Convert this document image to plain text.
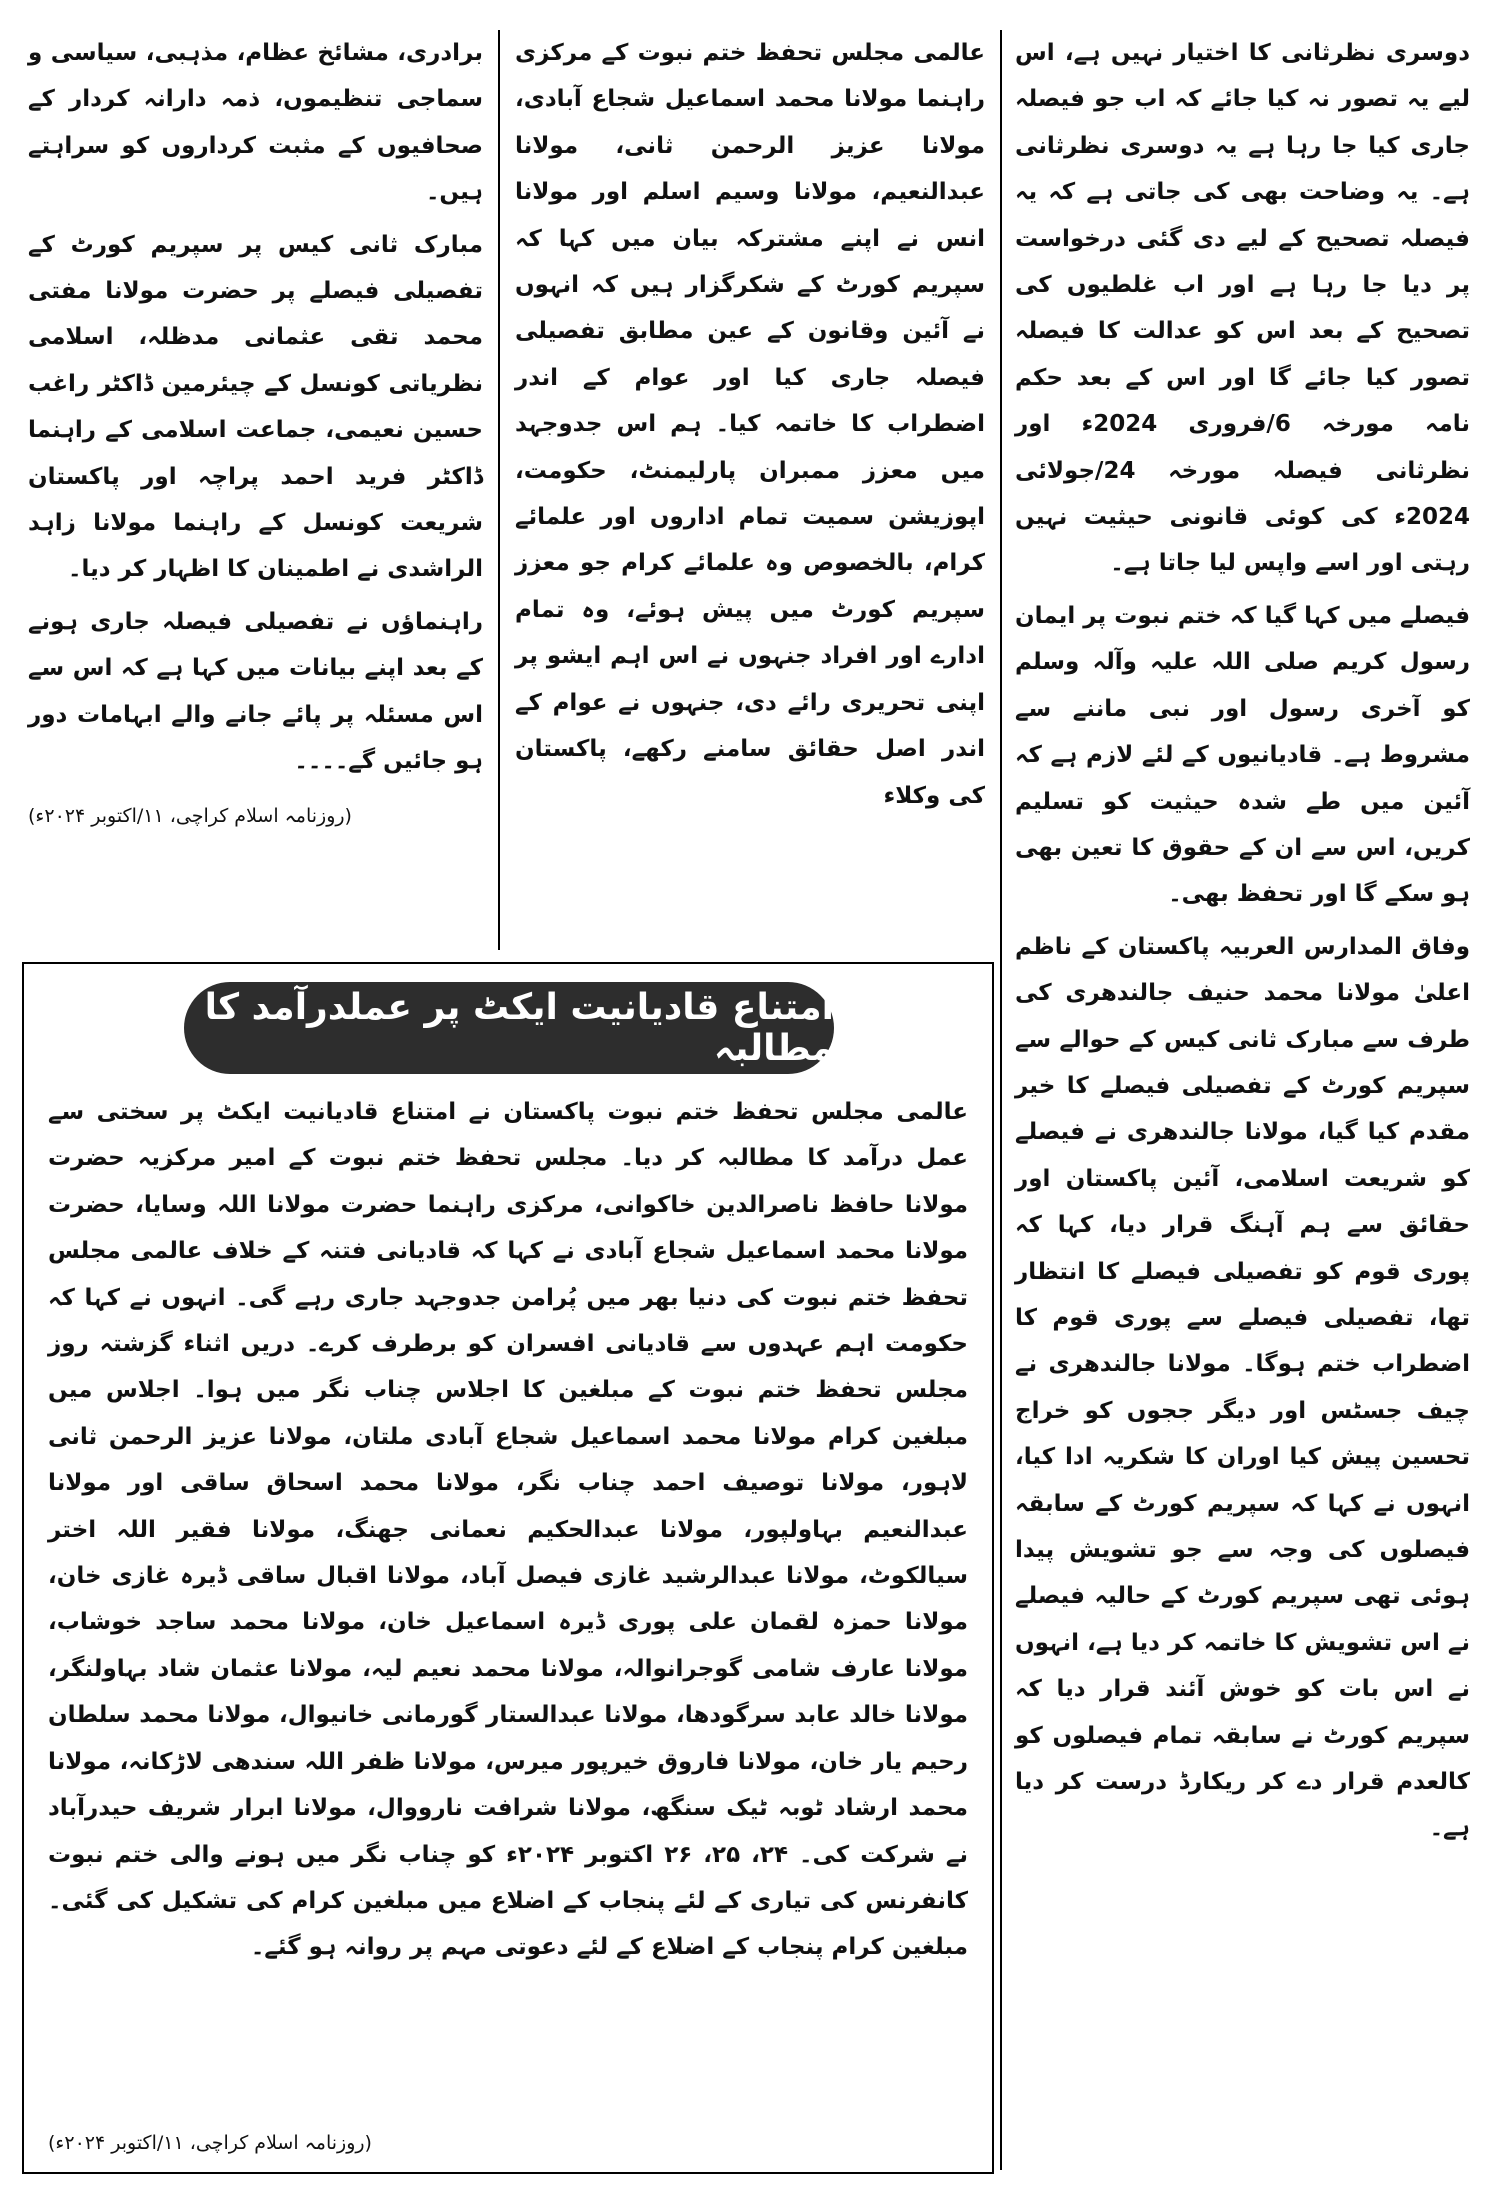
دوسری نظرثانی کا اختیار نہیں ہے، اس لیے یہ تصور نہ کیا جائے کہ اب جو فیصلہ جاری کیا جا رہا ہے یہ دوسری نظرثانی ہے۔ یہ وضاحت بھی کی جاتی ہے کہ یہ فیصلہ تصحیح کے لیے دی گئی درخواست پر دیا جا رہا ہے اور اب غلطیوں کی تصحیح کے بعد اس کو عدالت کا فیصلہ تصور کیا جائے گا اور اس کے بعد حکم نامہ مورخہ 6/فروری 2024ء اور نظرثانی فیصلہ مورخہ 24/جولائی 2024ء کی کوئی قانونی حیثیت نہیں رہتی اور اسے واپس لیا جاتا ہے۔

فیصلے میں کہا گیا کہ ختم نبوت پر ایمان رسول کریم صلی اللہ علیہ وآلہ وسلم کو آخری رسول اور نبی ماننے سے مشروط ہے۔ قادیانیوں کے لئے لازم ہے کہ آئین میں طے شدہ حیثیت کو تسلیم کریں، اس سے ان کے حقوق کا تعین بھی ہو سکے گا اور تحفظ بھی۔

وفاق المدارس العربیہ پاکستان کے ناظم اعلیٰ مولانا محمد حنیف جالندھری کی طرف سے مبارک ثانی کیس کے حوالے سے سپریم کورٹ کے تفصیلی فیصلے کا خیر مقدم کیا گیا، مولانا جالندھری نے فیصلے کو شریعت اسلامی، آئین پاکستان اور حقائق سے ہم آہنگ قرار دیا، کہا کہ پوری قوم کو تفصیلی فیصلے کا انتظار تھا، تفصیلی فیصلے سے پوری قوم کا اضطراب ختم ہوگا۔ مولانا جالندھری نے چیف جسٹس اور دیگر ججوں کو خراج تحسین پیش کیا اوران کا شکریہ ادا کیا، انہوں نے کہا کہ سپریم کورٹ کے سابقہ فیصلوں کی وجہ سے جو تشویش پیدا ہوئی تھی سپریم کورٹ کے حالیہ فیصلے نے اس تشویش کا خاتمہ کر دیا ہے، انہوں نے اس بات کو خوش آئند قرار دیا کہ سپریم کورٹ نے سابقہ تمام فیصلوں کو کالعدم قرار دے کر ریکارڈ درست کر دیا ہے۔

عالمی مجلس تحفظ ختم نبوت کے مرکزی راہنما مولانا محمد اسماعیل شجاع آبادی، مولانا عزیز الرحمن ثانی، مولانا عبدالنعیم، مولانا وسیم اسلم اور مولانا انس نے اپنے مشترکہ بیان میں کہا کہ سپریم کورٹ کے شکرگزار ہیں کہ انہوں نے آئین وقانون کے عین مطابق تفصیلی فیصلہ جاری کیا اور عوام کے اندر اضطراب کا خاتمہ کیا۔ ہم اس جدوجہد میں معزز ممبران پارلیمنٹ، حکومت، اپوزیشن سمیت تمام اداروں اور علمائے کرام، بالخصوص وہ علمائے کرام جو معزز سپریم کورٹ میں پیش ہوئے، وہ تمام ادارے اور افراد جنہوں نے اس اہم ایشو پر اپنی تحریری رائے دی، جنہوں نے عوام کے اندر اصل حقائق سامنے رکھے، پاکستان کی وکلاء

برادری، مشائخ عظام، مذہبی، سیاسی و سماجی تنظیموں، ذمہ دارانہ کردار کے صحافیوں کے مثبت کرداروں کو سراہتے ہیں۔

مبارک ثانی کیس پر سپریم کورٹ کے تفصیلی فیصلے پر حضرت مولانا مفتی محمد تقی عثمانی مدظلہ، اسلامی نظریاتی کونسل کے چیئرمین ڈاکٹر راغب حسین نعیمی، جماعت اسلامی کے راہنما ڈاکٹر فرید احمد پراچہ اور پاکستان شریعت کونسل کے راہنما مولانا زاہد الراشدی نے اطمینان کا اظہار کر دیا۔

راہنماؤں نے تفصیلی فیصلہ جاری ہونے کے بعد اپنے بیانات میں کہا ہے کہ اس سے اس مسئلہ پر پائے جانے والے ابہامات دور ہو جائیں گے۔۔۔۔

(روزنامہ اسلام کراچی، ۱۱/اکتوبر ۲۰۲۴ء)

امتناع قادیانیت ایکٹ پر عملدرآمد کا مطالبہ

عالمی مجلس تحفظ ختم نبوت پاکستان نے امتناع قادیانیت ایکٹ پر سختی سے عمل درآمد کا مطالبہ کر دیا۔ مجلس تحفظ ختم نبوت کے امیر مرکزیہ حضرت مولانا حافظ ناصرالدین خاکوانی، مرکزی راہنما حضرت مولانا اللہ وسایا، حضرت مولانا محمد اسماعیل شجاع آبادی نے کہا کہ قادیانی فتنہ کے خلاف عالمی مجلس تحفظ ختم نبوت کی دنیا بھر میں پُرامن جدوجہد جاری رہے گی۔ انہوں نے کہا کہ حکومت اہم عہدوں سے قادیانی افسران کو برطرف کرے۔ دریں اثناء گزشتہ روز مجلس تحفظ ختم نبوت کے مبلغین کا اجلاس چناب نگر میں ہوا۔ اجلاس میں مبلغین کرام مولانا محمد اسماعیل شجاع آبادی ملتان، مولانا عزیز الرحمن ثانی لاہور، مولانا توصیف احمد چناب نگر، مولانا محمد اسحاق ساقی اور مولانا عبدالنعیم بہاولپور، مولانا عبدالحکیم نعمانی جھنگ، مولانا فقیر اللہ اختر سیالکوٹ، مولانا عبدالرشید غازی فیصل آباد، مولانا اقبال ساقی ڈیرہ غازی خان، مولانا حمزہ لقمان علی پوری ڈیرہ اسماعیل خان، مولانا محمد ساجد خوشاب، مولانا عارف شامی گوجرانوالہ، مولانا محمد نعیم لیہ، مولانا عثمان شاد بہاولنگر، مولانا خالد عابد سرگودھا، مولانا عبدالستار گورمانی خانیوال، مولانا محمد سلطان رحیم یار خان، مولانا فاروق خیرپور میرس، مولانا ظفر اللہ سندھی لاڑکانہ، مولانا محمد ارشاد ٹوبہ ٹیک سنگھ، مولانا شرافت نارووال، مولانا ابرار شریف حیدرآباد نے شرکت کی۔ ۲۴، ۲۵، ۲۶ اکتوبر ۲۰۲۴ء کو چناب نگر میں ہونے والی ختم نبوت کانفرنس کی تیاری کے لئے پنجاب کے اضلاع میں مبلغین کرام کی تشکیل کی گئی۔ مبلغین کرام پنجاب کے اضلاع کے لئے دعوتی مہم پر روانہ ہو گئے۔

(روزنامہ اسلام کراچی، ۱۱/اکتوبر ۲۰۲۴ء)
